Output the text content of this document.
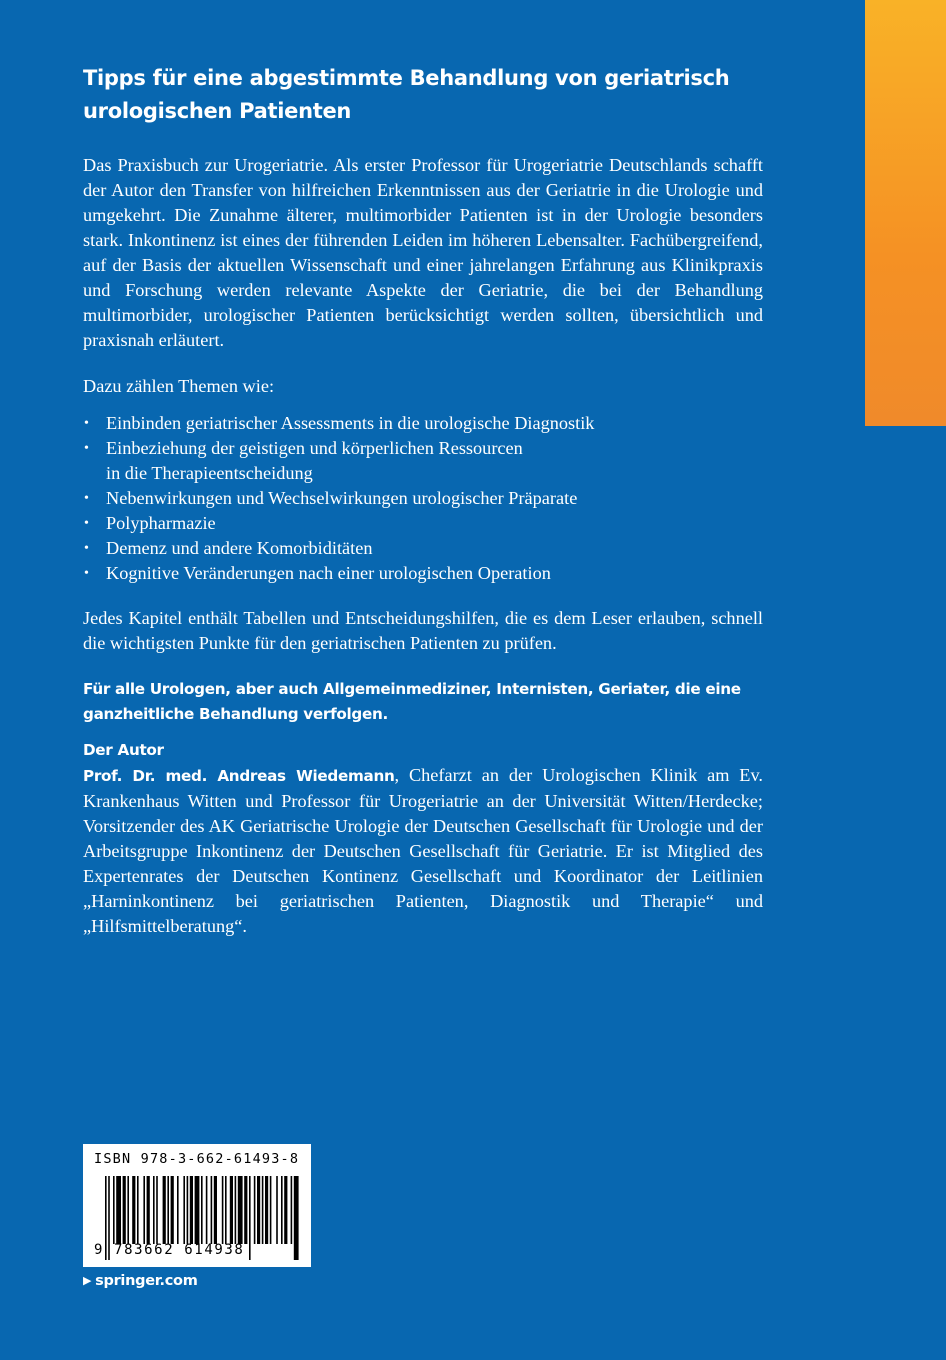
Tipps für eine abgestimmte Behandlung von geriatrisch urologischen Patienten

Das Praxisbuch zur Urogeriatrie. Als erster Professor für Urogeriatrie Deutschlands schafft der Autor den Transfer von hilfreichen Erkenntnissen aus der Geriatrie in die Urologie und umgekehrt. Die Zunahme älterer, multimorbider Patienten ist in der Urologie besonders stark. Inkontinenz ist eines der führenden Leiden im höheren Lebensalter. Fachübergreifend, auf der Basis der aktuellen Wissenschaft und einer jahrelangen Erfahrung aus Klinikpraxis und Forschung werden relevante Aspekte der Geriatrie, die bei der Behandlung multimorbider, urologischer Patienten berücksichtigt werden sollten, übersichtlich und praxisnah erläutert.

Dazu zählen Themen wie:

• Einbinden geriatrischer Assessments in die urologische Diagnostik
• Einbeziehung der geistigen und körperlichen Ressourcen in die Therapieentscheidung
• Nebenwirkungen und Wechselwirkungen urologischer Präparate
• Polypharmazie
• Demenz und andere Komorbiditäten
• Kognitive Veränderungen nach einer urologischen Operation

Jedes Kapitel enthält Tabellen und Entscheidungshilfen, die es dem Leser erlauben, schnell die wichtigsten Punkte für den geriatrischen Patienten zu prüfen.

Für alle Urologen, aber auch Allgemeinmediziner, Internisten, Geriater, die eine ganzheitliche Behandlung verfolgen.

Der Autor

Prof. Dr. med. Andreas Wiedemann, Chefarzt an der Urologischen Klinik am Ev. Krankenhaus Witten und Professor für Urogeriatrie an der Universität Witten/Herdecke; Vorsitzender des AK Geriatrische Urologie der Deutschen Gesellschaft für Urologie und der Arbeitsgruppe Inkontinenz der Deutschen Gesellschaft für Geriatrie. Er ist Mitglied des Expertenrates der Deutschen Kontinenz Gesellschaft und Koordinator der Leitlinien „Harninkontinenz bei geriatrischen Patienten, Diagnostik und Therapie“ und „Hilfsmittelberatung“.

ISBN 978-3-662-61493-8
9 783662 614938
▶ springer.com
